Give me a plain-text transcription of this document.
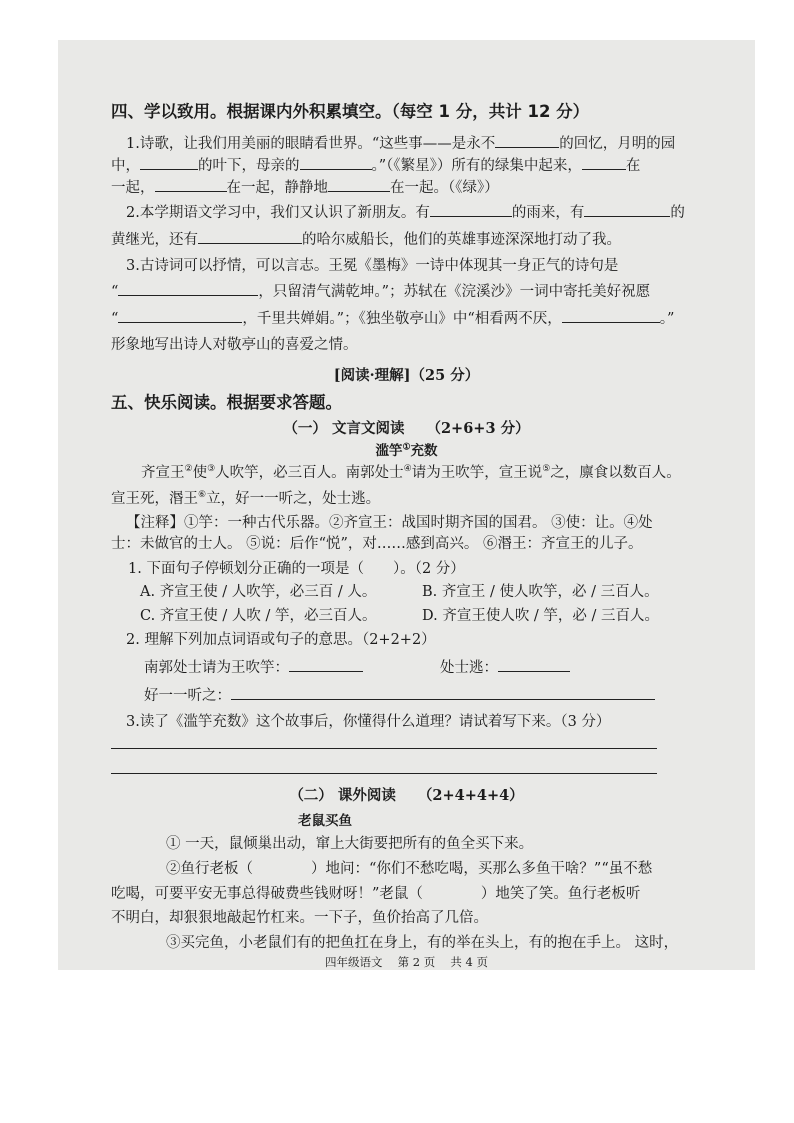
四、学以致用。根据课内外积累填空。（每空 1 分，共计 12 分）
1.诗歌，让我们用美丽的眼睛看世界。“这些事——是永不	的回忆，月明的园
中，	的叶下，母亲的	。”（《繁星》）所有的绿集中起来，	在
一起，	在一起，静静地	在一起。（《绿》）
2.本学期语文学习中，我们又认识了新朋友。有	的雨来，有	的
黄继光，还有	的哈尔威船长，他们的英雄事迹深深地打动了我。
3.古诗词可以抒情，可以言志。王冕《墨梅》一诗中体现其一身正气的诗句是
“	，只留清气满乾坤。”；苏轼在《浣溪沙》一词中寄托美好祝愿
“	，千里共婵娟。”；《独坐敬亭山》中“相看两不厌，	。”
形象地写出诗人对敬亭山的喜爱之情。
[阅读·理解]（25 分）
五、快乐阅读。根据要求答题。
（一） 文言文阅读 （2+6+3 分）
滥竽①充数
齐宣王②使③人吹竽，必三百人。南郭处士④请为王吹竽，宣王说⑤之，廪食以数百人。
宣王死，湣王⑥立，好一一听之，处士逃。
【注释】①竽：一种古代乐器。②齐宣王：战国时期齐国的国君。 ③使：让。④处
士：未做官的士人。 ⑤说：后作“悦”，对……感到高兴。 ⑥湣王：齐宣王的儿子。
1. 下面句子停顿划分正确的一项是（　　）。（2 分）
A. 齐宣王使 / 人吹竽，必三百 / 人。	B. 齐宣王 / 使人吹竽，必 / 三百人。
C. 齐宣王使 / 人吹 / 竽，必三百人。	D. 齐宣王使人吹 / 竽，必 / 三百人。
2. 理解下列加点词语或句子的意思。（2+2+2）
南郭处士请为王吹竽：	处士逃：
好一一听之：
3.读了《滥竽充数》这个故事后，你懂得什么道理？请试着写下来。（3 分）
（二） 课外阅读 （2+4+4+4）
老鼠买鱼
① 一天，鼠倾巢出动，窜上大街要把所有的鱼全买下来。
②鱼行老板（　　　　）地问：“你们不愁吃喝，买那么多鱼干啥？”“虽不愁
吃喝，可要平安无事总得破费些钱财呀！”老鼠（　　　　）地笑了笑。鱼行老板听
不明白，却狠狠地敲起竹杠来。一下子，鱼价抬高了几倍。
③买完鱼，小老鼠们有的把鱼扛在身上，有的举在头上，有的抱在手上。 这时，
四年级语文　 第 2 页　 共 4 页
